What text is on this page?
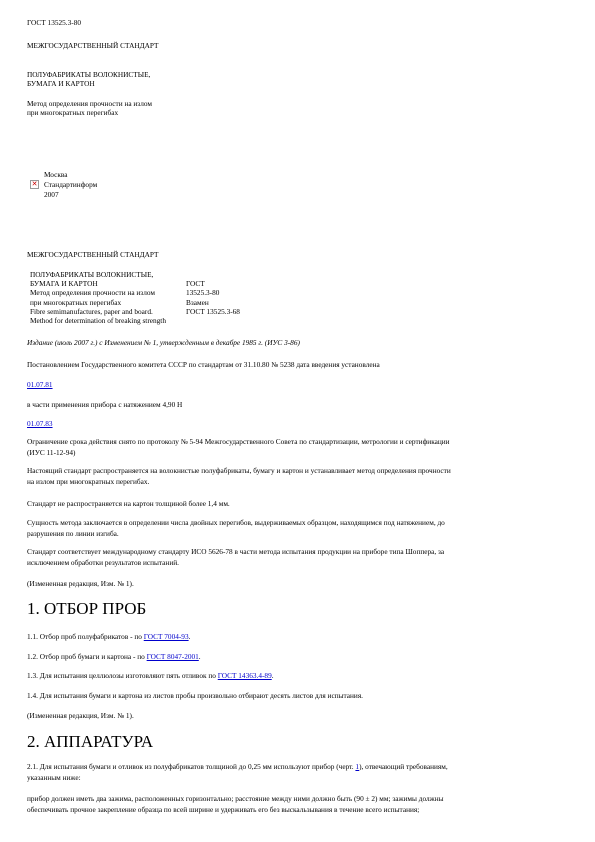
ГОСТ 13525.3-80
МЕЖГОСУДАРСТВЕННЫЙ СТАНДАРТ
ПОЛУФАБРИКАТЫ ВОЛОКНИСТЫЕ,
БУМАГА И КАРТОН
Метод определения прочности на излом
при многократных перегибах
✕
Москва
Стандартинформ
2007
МЕЖГОСУДАРСТВЕННЫЙ СТАНДАРТ
ПОЛУФАБРИКАТЫ ВОЛОКНИСТЫЕ,	
БУМАГА И КАРТОН	ГОСТ
Метод определения прочности на излом	13525.3-80
при многократных перегибах	Взамен
Fibre semimanufactures, paper and board.	ГОСТ 13525.3-68
Method for determination of breaking strength	
Издание (июль 2007 г.) с Изменением № 1, утвержденным в декабре 1985 г. (ИУС 3-86)
Постановлением Государственного комитета СССР по стандартам от 31.10.80 № 5238 дата введения установлена
01.07.81
в части применения прибора с натяжением 4,90 Н
01.07.83
Ограничение срока действия снято по протоколу № 5-94 Межгосударственного Совета по стандартизации, метрологии и сертификации
(ИУС 11-12-94)
Настоящий стандарт распространяется на волокнистые полуфабрикаты, бумагу и картон и устанавливает метод определения прочности
на излом при многократных перегибах.
Стандарт не распространяется на картон толщиной более 1,4 мм.
Сущность метода заключается в определении числа двойных перегибов, выдерживаемых образцом, находящимся под натяжением, до
разрушения по линии изгиба.
Стандарт соответствует международному стандарту ИСО 5626-78 в части метода испытания продукции на приборе типа Шоппера, за
исключением обработки результатов испытаний.
(Измененная редакция, Изм. № 1).
1. ОТБОР ПРОБ
1.1. Отбор проб полуфабрикатов - по ГОСТ 7004-93.
1.2. Отбор проб бумаги и картона - по ГОСТ 8047-2001.
1.3. Для испытания целлюлозы изготовляют пять отливок по ГОСТ 14363.4-89.
1.4. Для испытания бумаги и картона из листов пробы произвольно отбирают десять листов для испытания.
(Измененная редакция, Изм. № 1).
2. АППАРАТУРА
2.1. Для испытания бумаги и отливок из полуфабрикатов толщиной до 0,25 мм используют прибор (черт. 1), отвечающий требованиям,
указанным ниже:
прибор должен иметь два зажима, расположенных горизонтально; расстояние между ними должно быть (90 ± 2) мм; зажимы должны
обеспечивать прочное закрепление образца по всей ширине и удерживать его без выскальзывания в течение всего испытания;
